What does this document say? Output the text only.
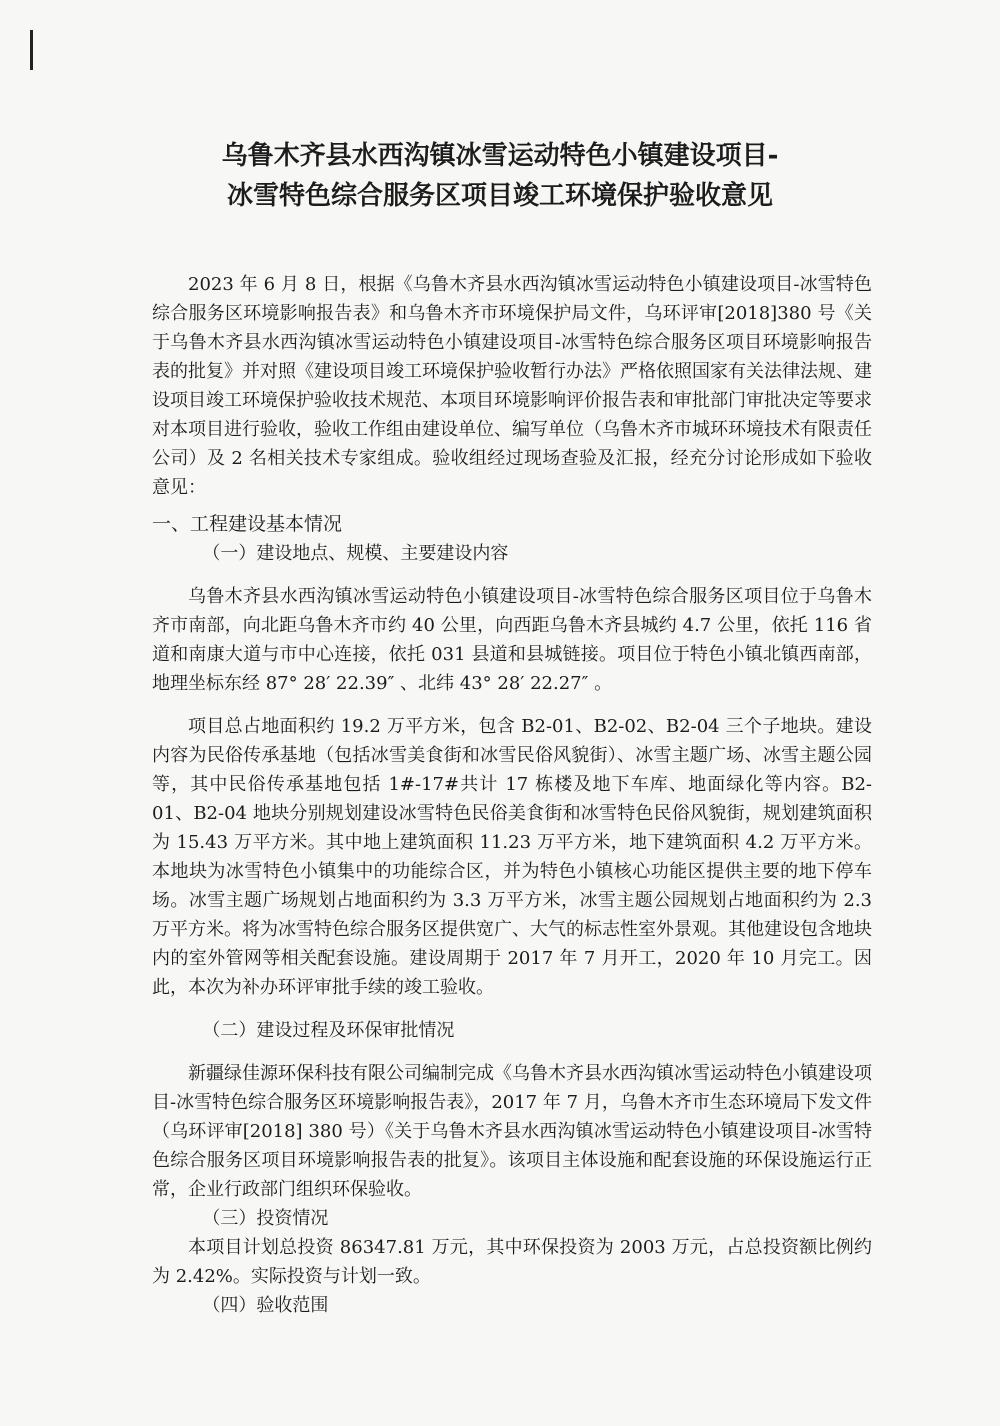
乌鲁木齐县水西沟镇冰雪运动特色小镇建设项目-
冰雪特色综合服务区项目竣工环境保护验收意见

2023 年 6 月 8 日，根据《乌鲁木齐县水西沟镇冰雪运动特色小镇建设项目-冰雪特色综合服务区环境影响报告表》和乌鲁木齐市环境保护局文件，乌环评审[2018]380 号《关于乌鲁木齐县水西沟镇冰雪运动特色小镇建设项目-冰雪特色综合服务区项目环境影响报告表的批复》并对照《建设项目竣工环境保护验收暂行办法》严格依照国家有关法律法规、建设项目竣工环境保护验收技术规范、本项目环境影响评价报告表和审批部门审批决定等要求对本项目进行验收，验收工作组由建设单位、编写单位（乌鲁木齐市城环环境技术有限责任公司）及 2 名相关技术专家组成。验收组经过现场查验及汇报，经充分讨论形成如下验收意见：

一、工程建设基本情况

（一）建设地点、规模、主要建设内容

乌鲁木齐县水西沟镇冰雪运动特色小镇建设项目-冰雪特色综合服务区项目位于乌鲁木齐市南部，向北距乌鲁木齐市约 40 公里，向西距乌鲁木齐县城约 4.7 公里，依托 116 省道和南康大道与市中心连接，依托 031 县道和县城链接。项目位于特色小镇北镇西南部，地理坐标东经 87° 28′ 22.39″ 、北纬 43° 28′ 22.27″ 。

项目总占地面积约 19.2 万平方米，包含 B2-01、B2-02、B2-04 三个子地块。建设内容为民俗传承基地（包括冰雪美食街和冰雪民俗风貌街）、冰雪主题广场、冰雪主题公园等，其中民俗传承基地包括 1#-17#共计 17 栋楼及地下车库、地面绿化等内容。B2-01、B2-04 地块分别规划建设冰雪特色民俗美食街和冰雪特色民俗风貌街，规划建筑面积为 15.43 万平方米。其中地上建筑面积 11.23 万平方米，地下建筑面积 4.2 万平方米。本地块为冰雪特色小镇集中的功能综合区，并为特色小镇核心功能区提供主要的地下停车场。冰雪主题广场规划占地面积约为 3.3 万平方米，冰雪主题公园规划占地面积约为 2.3 万平方米。将为冰雪特色综合服务区提供宽广、大气的标志性室外景观。其他建设包含地块内的室外管网等相关配套设施。建设周期于 2017 年 7 月开工，2020 年 10 月完工。因此，本次为补办环评审批手续的竣工验收。

（二）建设过程及环保审批情况

新疆绿佳源环保科技有限公司编制完成《乌鲁木齐县水西沟镇冰雪运动特色小镇建设项目-冰雪特色综合服务区环境影响报告表》，2017 年 7 月，乌鲁木齐市生态环境局下发文件（乌环评审[2018] 380 号）《关于乌鲁木齐县水西沟镇冰雪运动特色小镇建设项目-冰雪特色综合服务区项目环境影响报告表的批复》。该项目主体设施和配套设施的环保设施运行正常，企业行政部门组织环保验收。

（三）投资情况

本项目计划总投资 86347.81 万元，其中环保投资为 2003 万元，占总投资额比例约为 2.42%。实际投资与计划一致。

（四）验收范围
